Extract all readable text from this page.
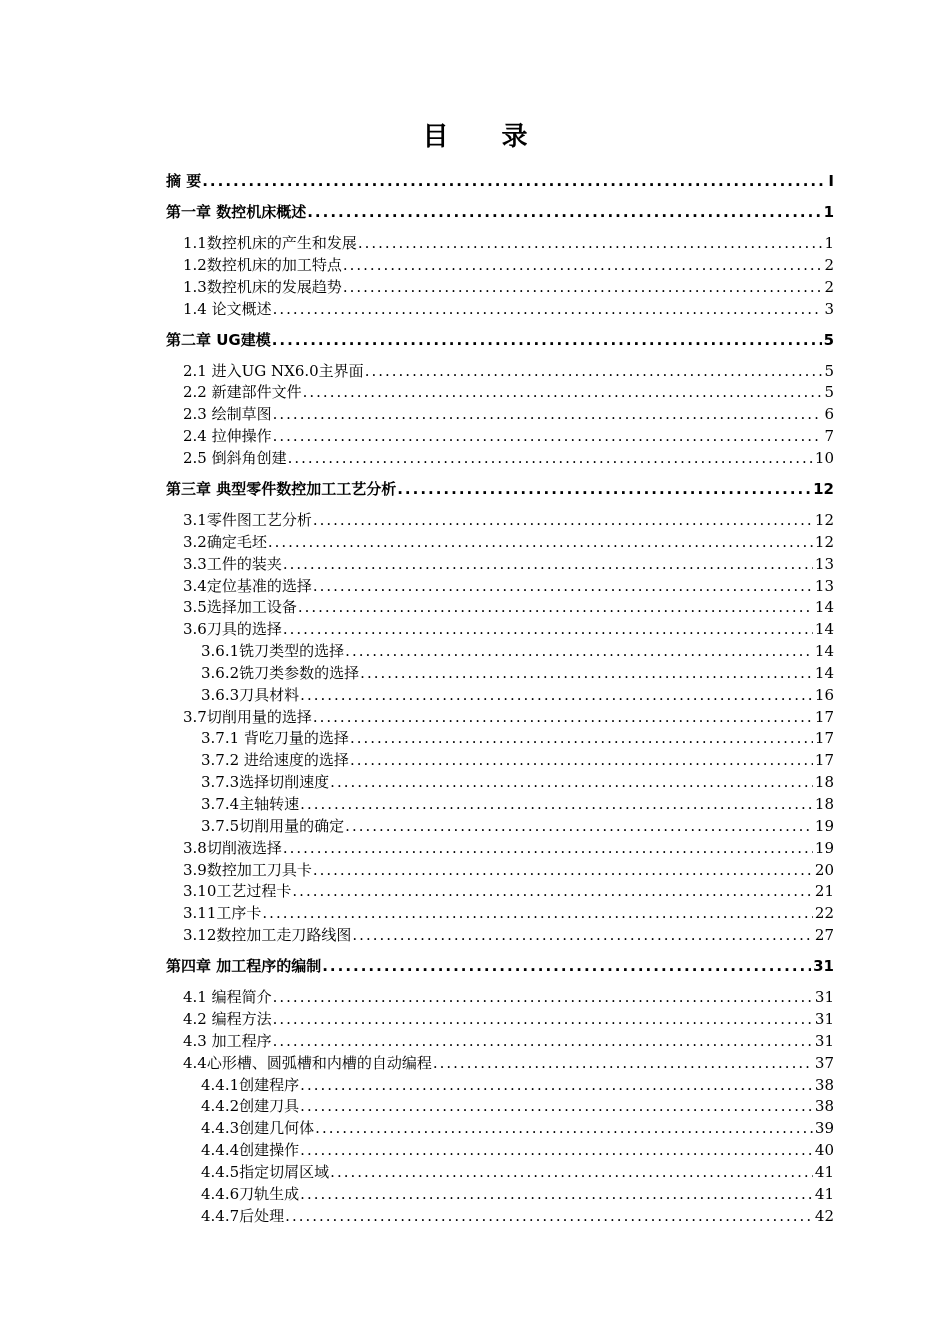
目 录
摘 要 .....	I
第一章 数控机床概述 .....	1
1.1数控机床的产生和发展 .....	1
1.2数控机床的加工特点 .....	2
1.3数控机床的发展趋势 .....	2
1.4 论文概述 .....	3
第二章 UG建模 .....	5
2.1 进入UG NX6.0主界面 .....	5
2.2 新建部件文件 .....	5
2.3 绘制草图 .....	6
2.4 拉伸操作 .....	7
2.5 倒斜角创建 .....	10
第三章 典型零件数控加工工艺分析 .....	12
3.1零件图工艺分析 .....	12
3.2确定毛坯 .....	12
3.3工件的装夹 .....	13
3.4定位基准的选择 .....	13
3.5选择加工设备 .....	14
3.6刀具的选择 .....	14
3.6.1铣刀类型的选择 .....	14
3.6.2铣刀类参数的选择 .....	14
3.6.3刀具材料 .....	16
3.7切削用量的选择 .....	17
3.7.1 背吃刀量的选择 .....	17
3.7.2 进给速度的选择 .....	17
3.7.3选择切削速度 .....	18
3.7.4主轴转速 .....	18
3.7.5切削用量的确定 .....	19
3.8切削液选择 .....	19
3.9数控加工刀具卡 .....	20
3.10工艺过程卡 .....	21
3.11工序卡 .....	22
3.12数控加工走刀路线图 .....	27
第四章 加工程序的编制 .....	31
4.1 编程简介 .....	31
4.2 编程方法 .....	31
4.3 加工程序 .....	31
4.4心形槽、圆弧槽和内槽的自动编程 .....	37
4.4.1创建程序 .....	38
4.4.2创建刀具 .....	38
4.4.3创建几何体 .....	39
4.4.4创建操作 .....	40
4.4.5指定切屑区域 .....	41
4.4.6刀轨生成 .....	41
4.4.7后处理 .....	42
